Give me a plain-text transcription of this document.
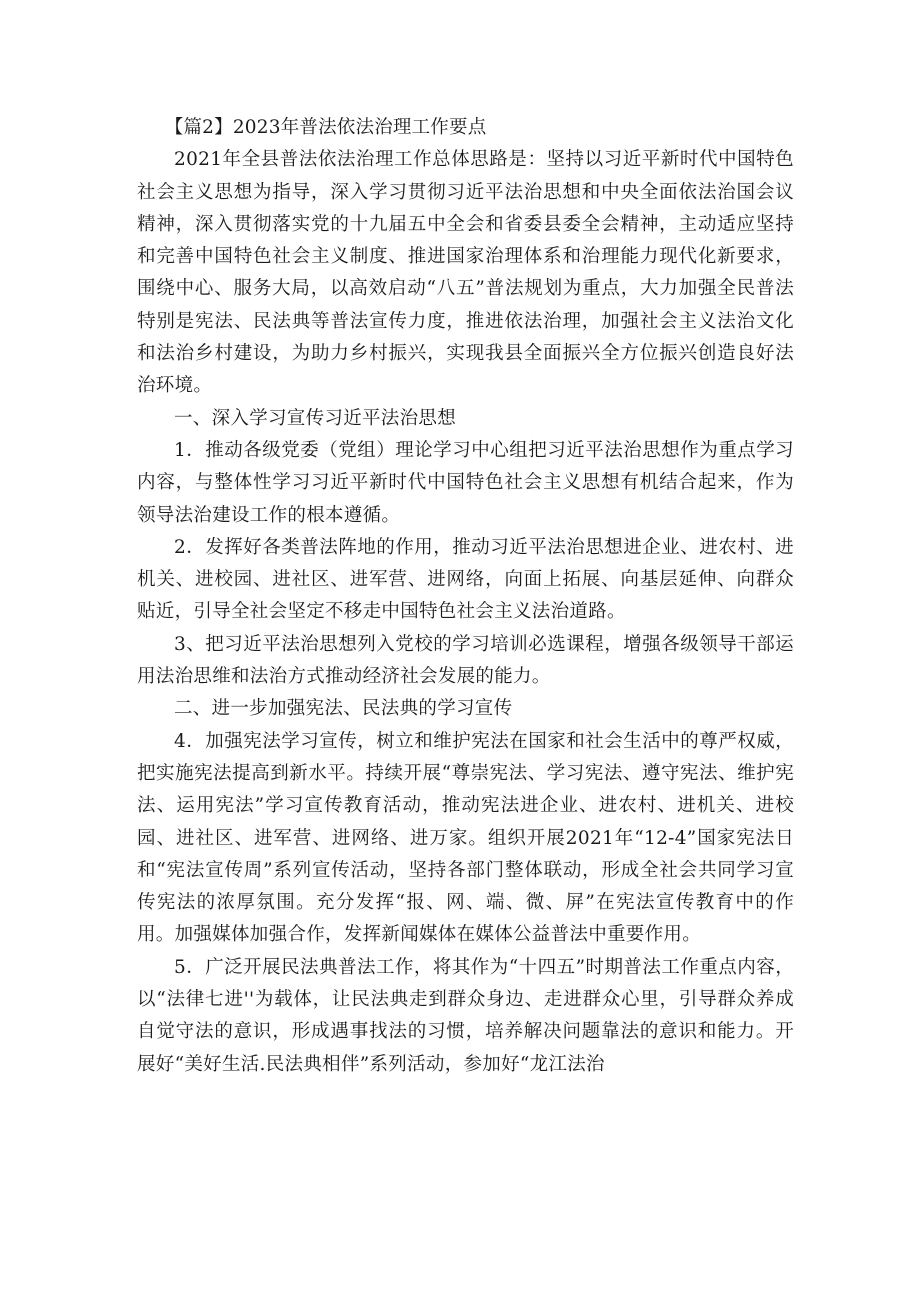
【篇2】2023年普法依法治理工作要点

2021年全县普法依法治理工作总体思路是：坚持以习近平新时代中国特色社会主义思想为指导，深入学习贯彻习近平法治思想和中央全面依法治国会议精神，深入贯彻落实党的十九届五中全会和省委县委全会精神，主动适应坚持和完善中国特色社会主义制度、推进国家治理体系和治理能力现代化新要求，围绕中心、服务大局，以高效启动“八五”普法规划为重点，大力加强全民普法特别是宪法、民法典等普法宣传力度，推进依法治理，加强社会主义法治文化和法治乡村建设，为助力乡村振兴，实现我县全面振兴全方位振兴创造良好法治环境。

一、深入学习宣传习近平法治思想

1．推动各级党委（党组）理论学习中心组把习近平法治思想作为重点学习内容，与整体性学习习近平新时代中国特色社会主义思想有机结合起来，作为领导法治建设工作的根本遵循。

2．发挥好各类普法阵地的作用，推动习近平法治思想进企业、进农村、进机关、进校园、进社区、进军营、进网络，向面上拓展、向基层延伸、向群众贴近，引导全社会坚定不移走中国特色社会主义法治道路。

3、把习近平法治思想列入党校的学习培训必选课程，增强各级领导干部运用法治思维和法治方式推动经济社会发展的能力。

二、进一步加强宪法、民法典的学习宣传

4．加强宪法学习宣传，树立和维护宪法在国家和社会生活中的尊严权威，把实施宪法提高到新水平。持续开展“尊崇宪法、学习宪法、遵守宪法、维护宪法、运用宪法”学习宣传教育活动，推动宪法进企业、进农村、进机关、进校园、进社区、进军营、进网络、进万家。组织开展2021年“12-4”国家宪法日和“宪法宣传周”系列宣传活动，坚持各部门整体联动，形成全社会共同学习宣传宪法的浓厚氛围。充分发挥“报、网、端、微、屏”在宪法宣传教育中的作用。加强媒体加强合作，发挥新闻媒体在媒体公益普法中重要作用。

5．广泛开展民法典普法工作，将其作为“十四五”时期普法工作重点内容，以“法律七进''为载体，让民法典走到群众身边、走进群众心里，引导群众养成自觉守法的意识，形成遇事找法的习惯，培养解决问题靠法的意识和能力。开展好“美好生活.民法典相伴”系列活动，参加好“龙江法治
